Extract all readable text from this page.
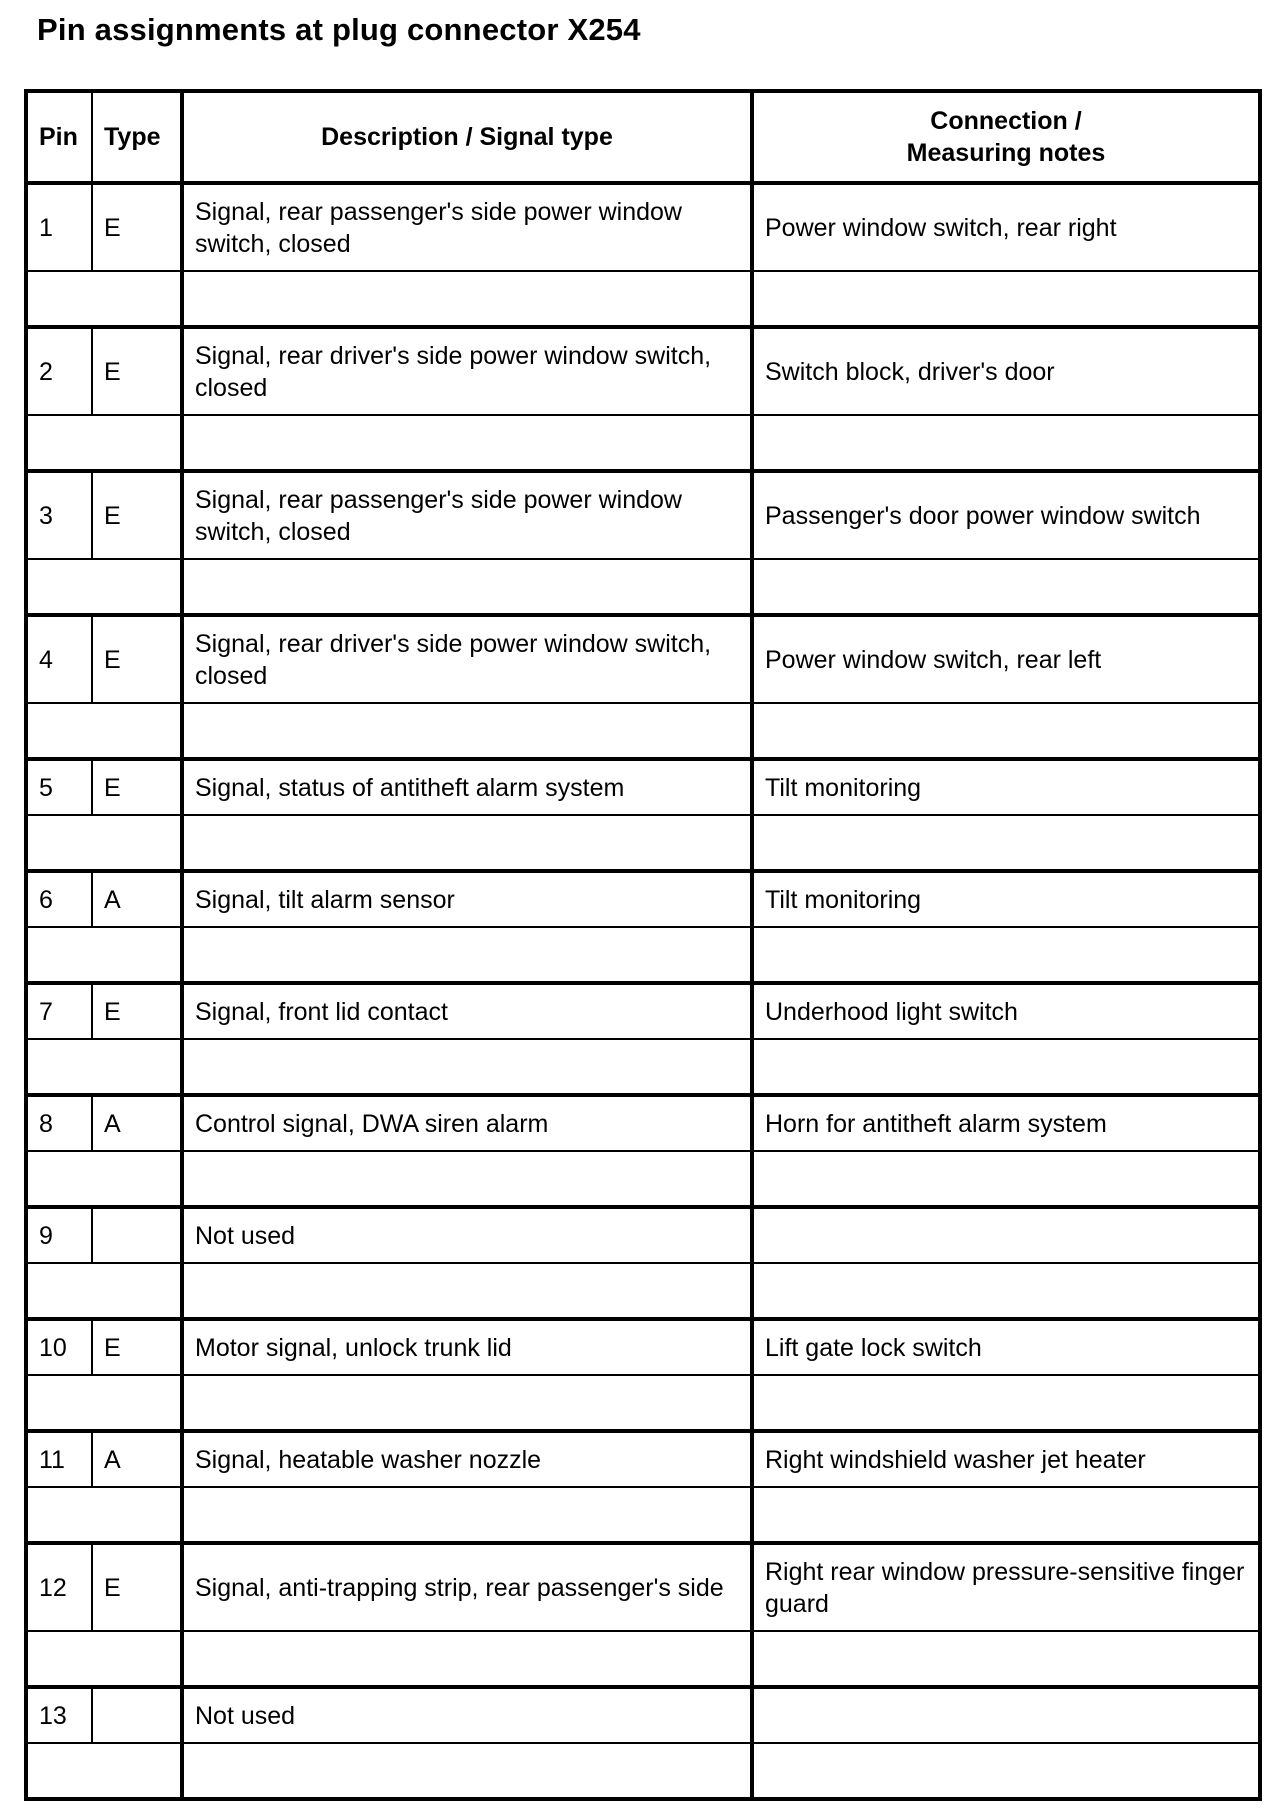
Pin assignments at plug connector X254
Pin	Type	Description / Signal type	Connection /
Measuring notes
1	E	Signal, rear passenger's side power window switch, closed	Power window switch, rear right

2	E	Signal, rear driver's side power window switch, closed	Switch block, driver's door

3	E	Signal, rear passenger's side power window switch, closed	Passenger's door power window switch

4	E	Signal, rear driver's side power window switch, closed	Power window switch, rear left

5	E	Signal, status of antitheft alarm system	Tilt monitoring

6	A	Signal, tilt alarm sensor	Tilt monitoring

7	E	Signal, front lid contact	Underhood light switch

8	A	Control signal, DWA siren alarm	Horn for antitheft alarm system

9		Not used	

10	E	Motor signal, unlock trunk lid	Lift gate lock switch

11	A	Signal, heatable washer nozzle	Right windshield washer jet heater

12	E	Signal, anti-trapping strip, rear passenger's side	Right rear window pressure-sensitive finger guard

13		Not used	
